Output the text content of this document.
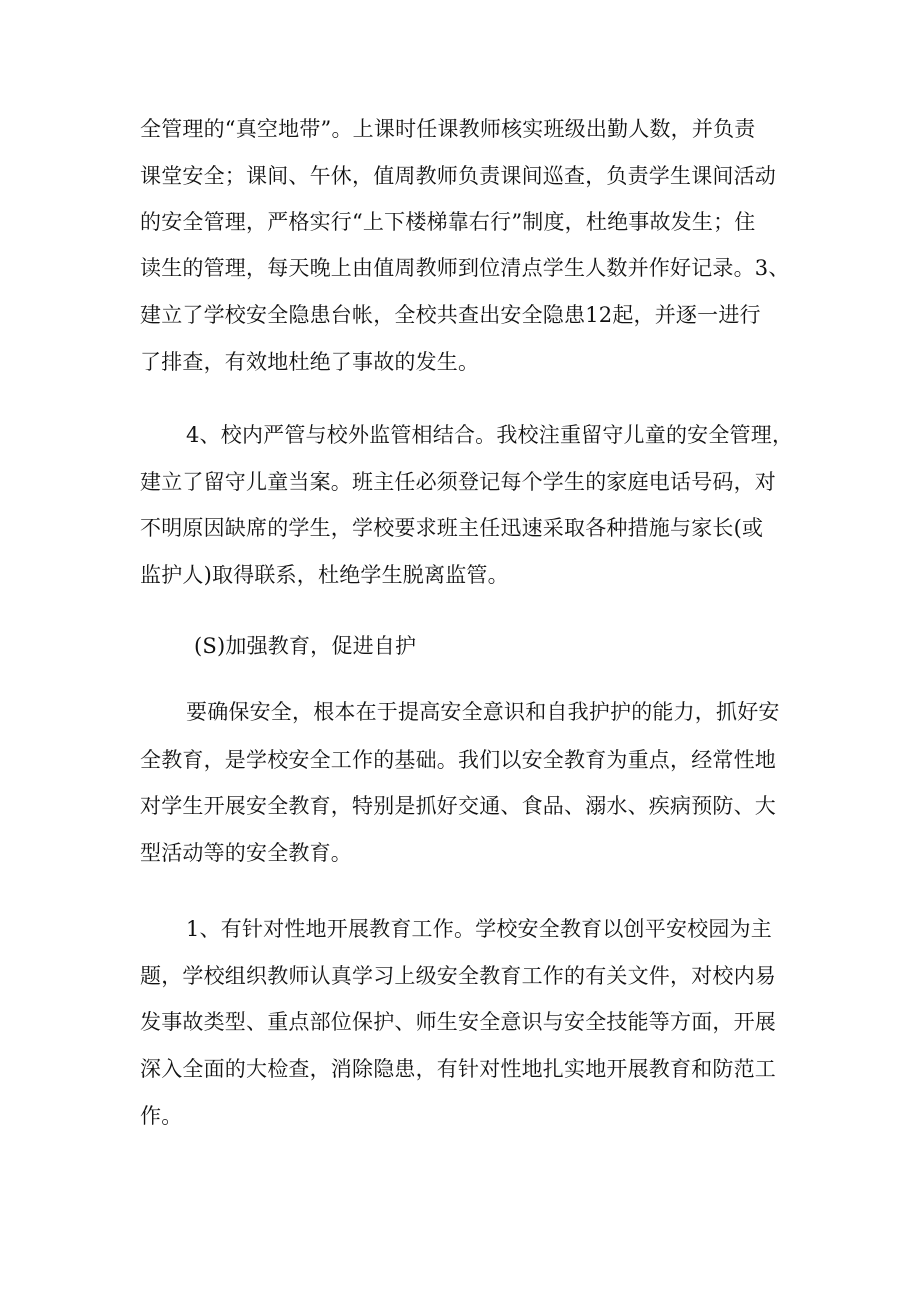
全管理的“真空地带”。上课时任课教师核实班级出勤人数，并负责
课堂安全；课间、午休，值周教师负责课间巡查，负责学生课间活动
的安全管理，严格实行“上下楼梯靠右行”制度，杜绝事故发生；住
读生的管理，每天晚上由值周教师到位清点学生人数并作好记录。3、
建立了学校安全隐患台帐，全校共查出安全隐患12起，并逐一进行
了排查，有效地杜绝了事故的发生。
4、校内严管与校外监管相结合。我校注重留守儿童的安全管理，
建立了留守儿童当案。班主任必须登记每个学生的家庭电话号码，对
不明原因缺席的学生，学校要求班主任迅速采取各种措施与家长(或
监护人)取得联系，杜绝学生脱离监管。
(S)加强教育，促进自护
要确保安全，根本在于提高安全意识和自我护护的能力，抓好安
全教育，是学校安全工作的基础。我们以安全教育为重点，经常性地
对学生开展安全教育，特别是抓好交通、食品、溺水、疾病预防、大
型活动等的安全教育。
1、有针对性地开展教育工作。学校安全教育以创平安校园为主
题，学校组织教师认真学习上级安全教育工作的有关文件，对校内易
发事故类型、重点部位保护、师生安全意识与安全技能等方面，开展
深入全面的大检查，消除隐患，有针对性地扎实地开展教育和防范工
作。
